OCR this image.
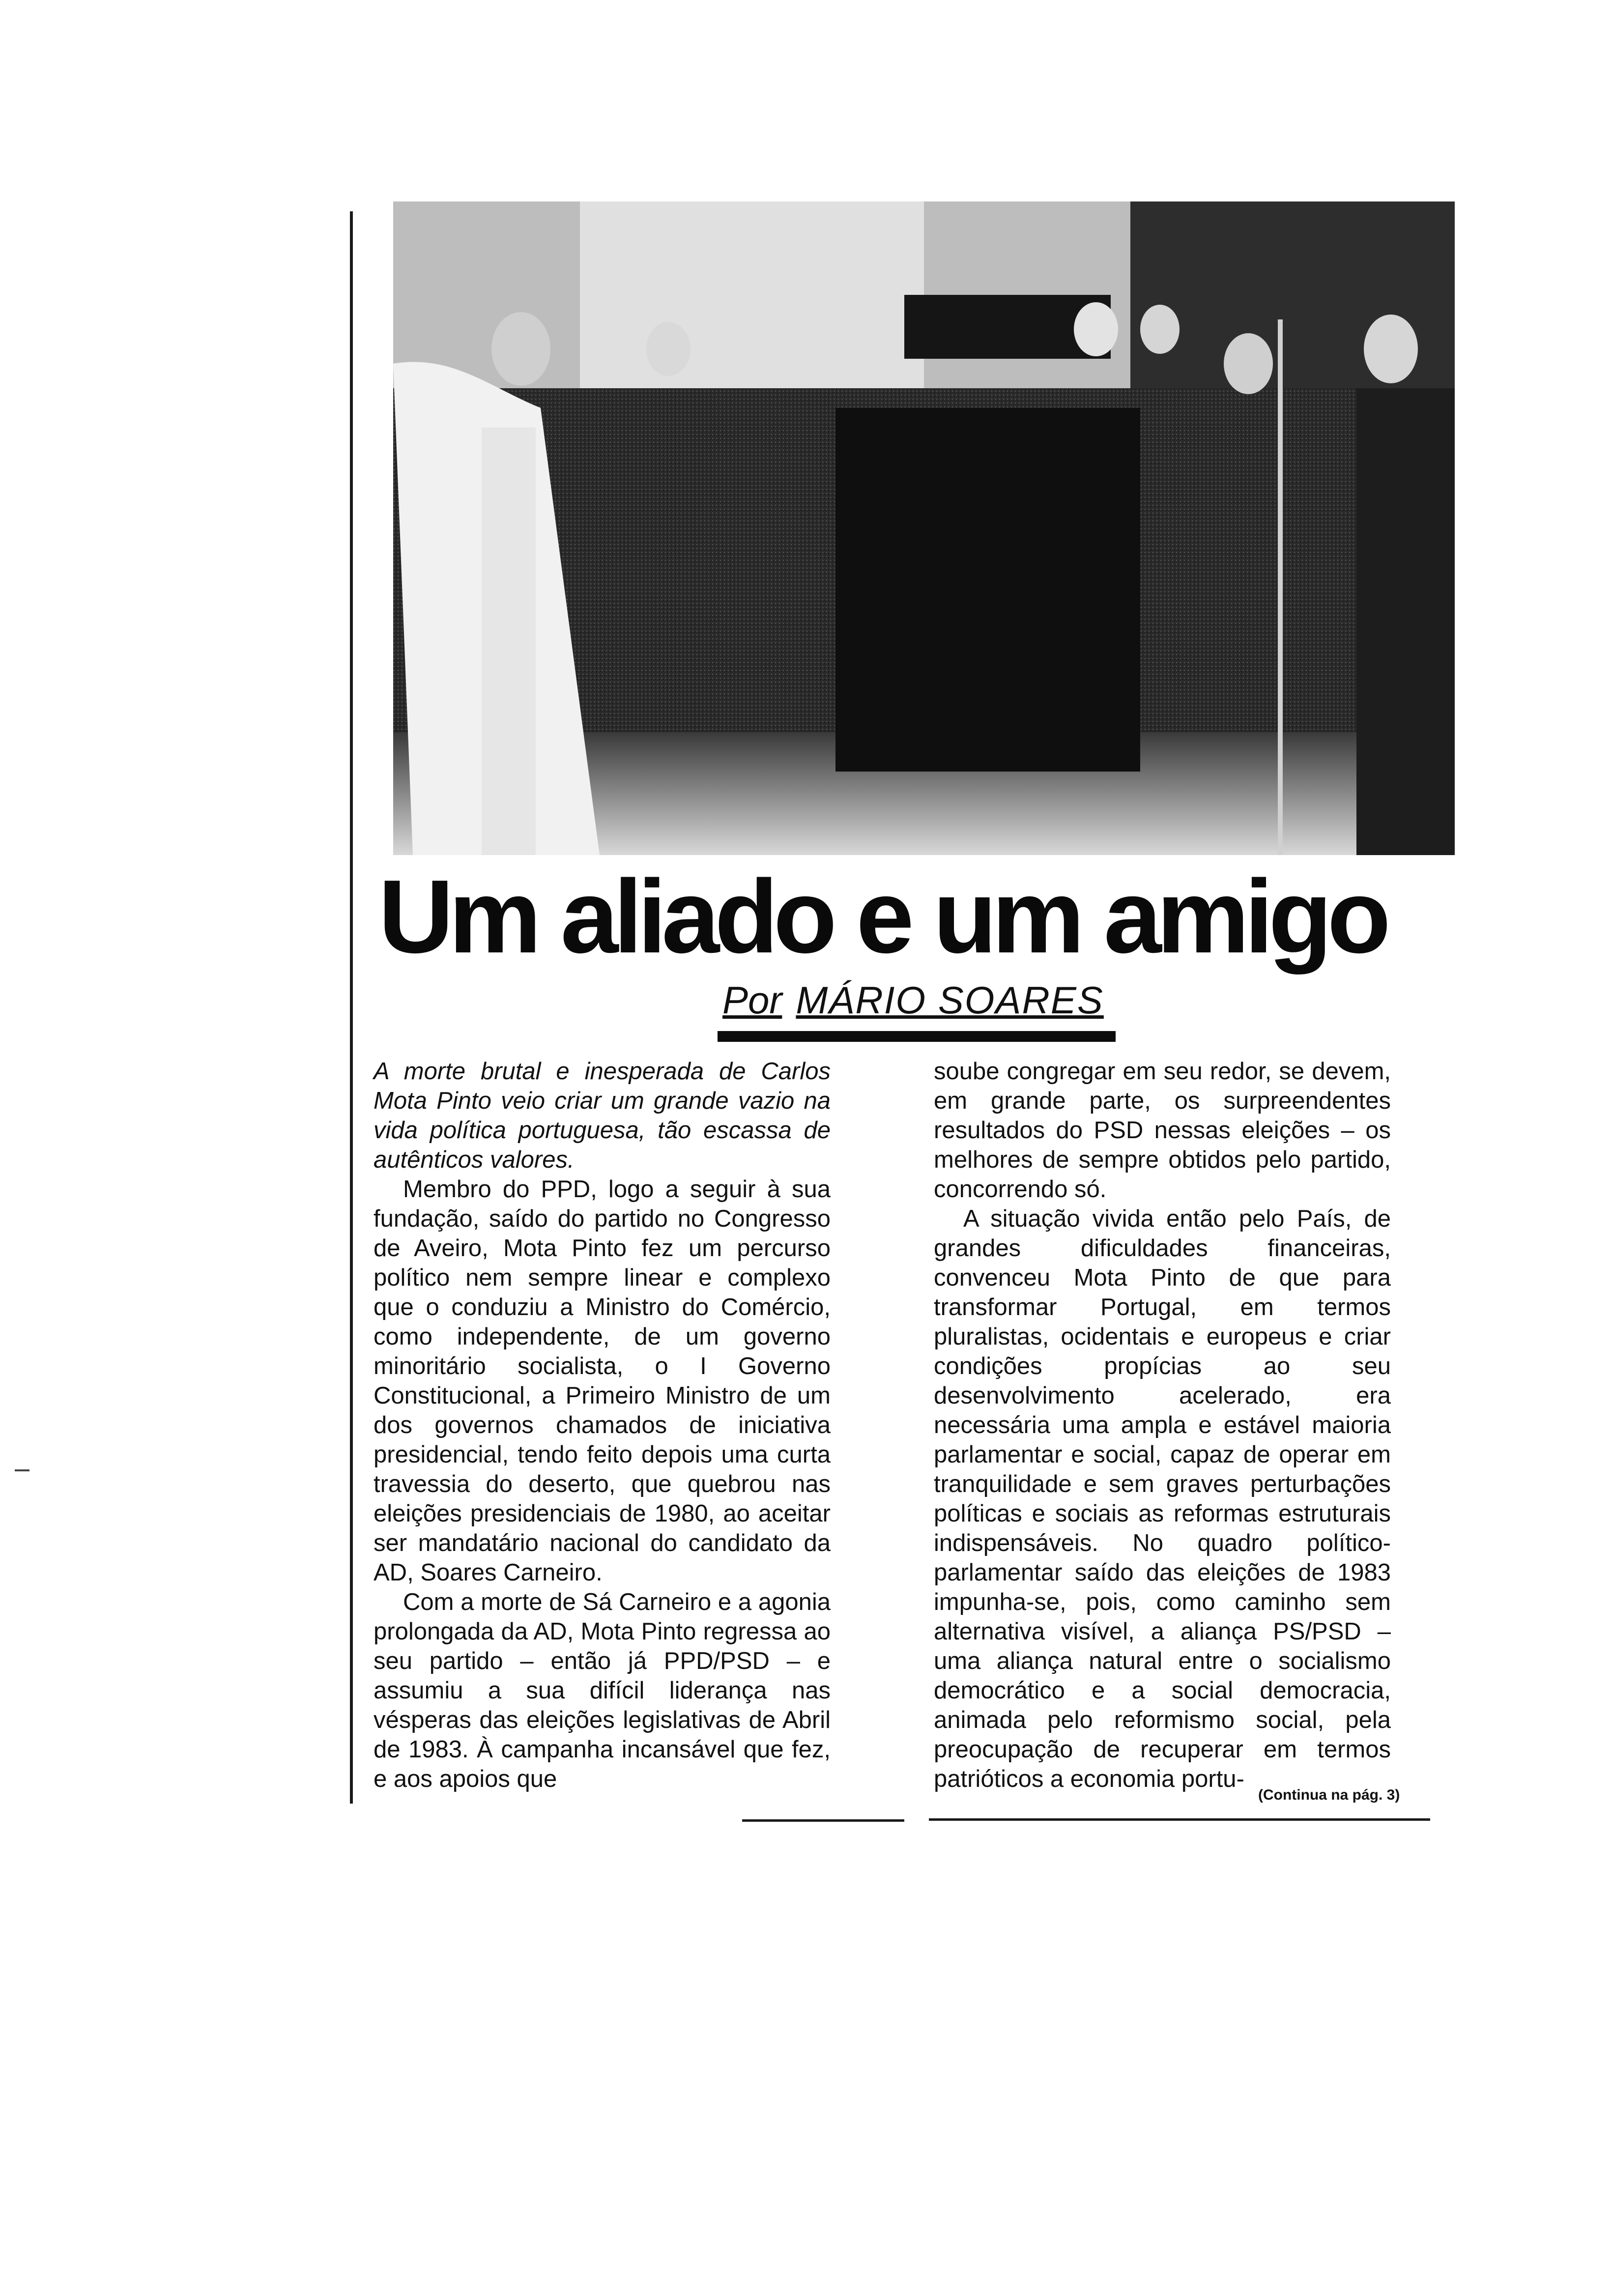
Um aliado e um amigo
Por MÁRIO SOARES

A morte brutal e inesperada de Carlos Mota Pinto veio criar um grande vazio na vida política portuguesa, tão escassa de autênticos valores.

Membro do PPD, logo a seguir à sua fundação, saído do partido no Congresso de Aveiro, Mota Pinto fez um percurso político nem sempre linear e complexo que o conduziu a Ministro do Comércio, como independente, de um governo minoritário socialista, o I Governo Constitucional, a Primeiro Ministro de um dos governos chamados de iniciativa presidencial, tendo feito depois uma curta travessia do deserto, que quebrou nas eleições presidenciais de 1980, ao aceitar ser mandatário nacional do candidato da AD, Soares Carneiro.

Com a morte de Sá Carneiro e a agonia prolongada da AD, Mota Pinto regressa ao seu partido – então já PPD/PSD – e assumiu a sua difícil liderança nas vésperas das eleições legislativas de Abril de 1983. À campanha incansável que fez, e aos apoios que

soube congregar em seu redor, se devem, em grande parte, os surpreendentes resultados do PSD nessas eleições – os melhores de sempre obtidos pelo partido, concorrendo só.

A situação vivida então pelo País, de grandes dificuldades financeiras, convenceu Mota Pinto de que para transformar Portugal, em termos pluralistas, ocidentais e europeus e criar condições propícias ao seu desenvolvimento acelerado, era necessária uma ampla e estável maioria parlamentar e social, capaz de operar em tranquilidade e sem graves perturbações políticas e sociais as reformas estruturais indispensáveis. No quadro político-parlamentar saído das eleições de 1983 impunha-se, pois, como caminho sem alternativa visível, a aliança PS/PSD – uma aliança natural entre o socialismo democrático e a social democracia, animada pelo reformismo social, pela preocupação de recuperar em termos patrióticos a economia portu-

(Continua na pág. 3)
